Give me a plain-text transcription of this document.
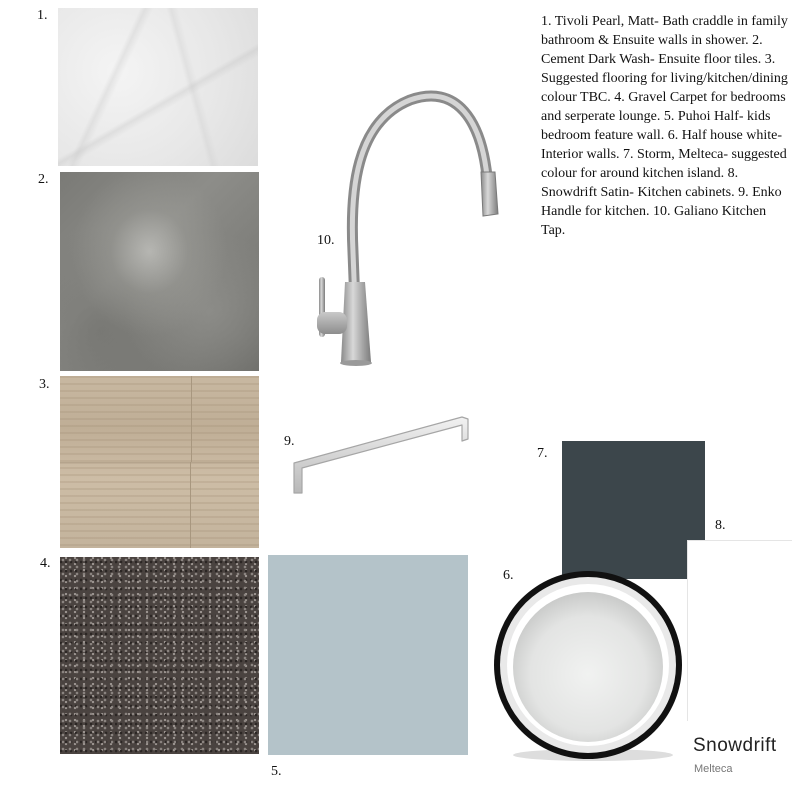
1.
2.
3.
4.
5.
6.
7.
8.
9.
10.
Snowdrift
Melteca
1. Tivoli Pearl, Matt- Bath craddle in family bathroom & Ensuite walls in shower. 2. Cement Dark Wash- Ensuite floor tiles. 3. Suggested flooring for living/kitchen/dining colour TBC. 4. Gravel Carpet for bedrooms and serperate lounge. 5. Puhoi Half- kids bedroom feature wall. 6. Half house white- Interior walls. 7. Storm, Melteca- suggested colour for around kitchen island. 8. Snowdrift Satin- Kitchen cabinets. 9. Enko Handle for kitchen. 10. Galiano Kitchen Tap.
